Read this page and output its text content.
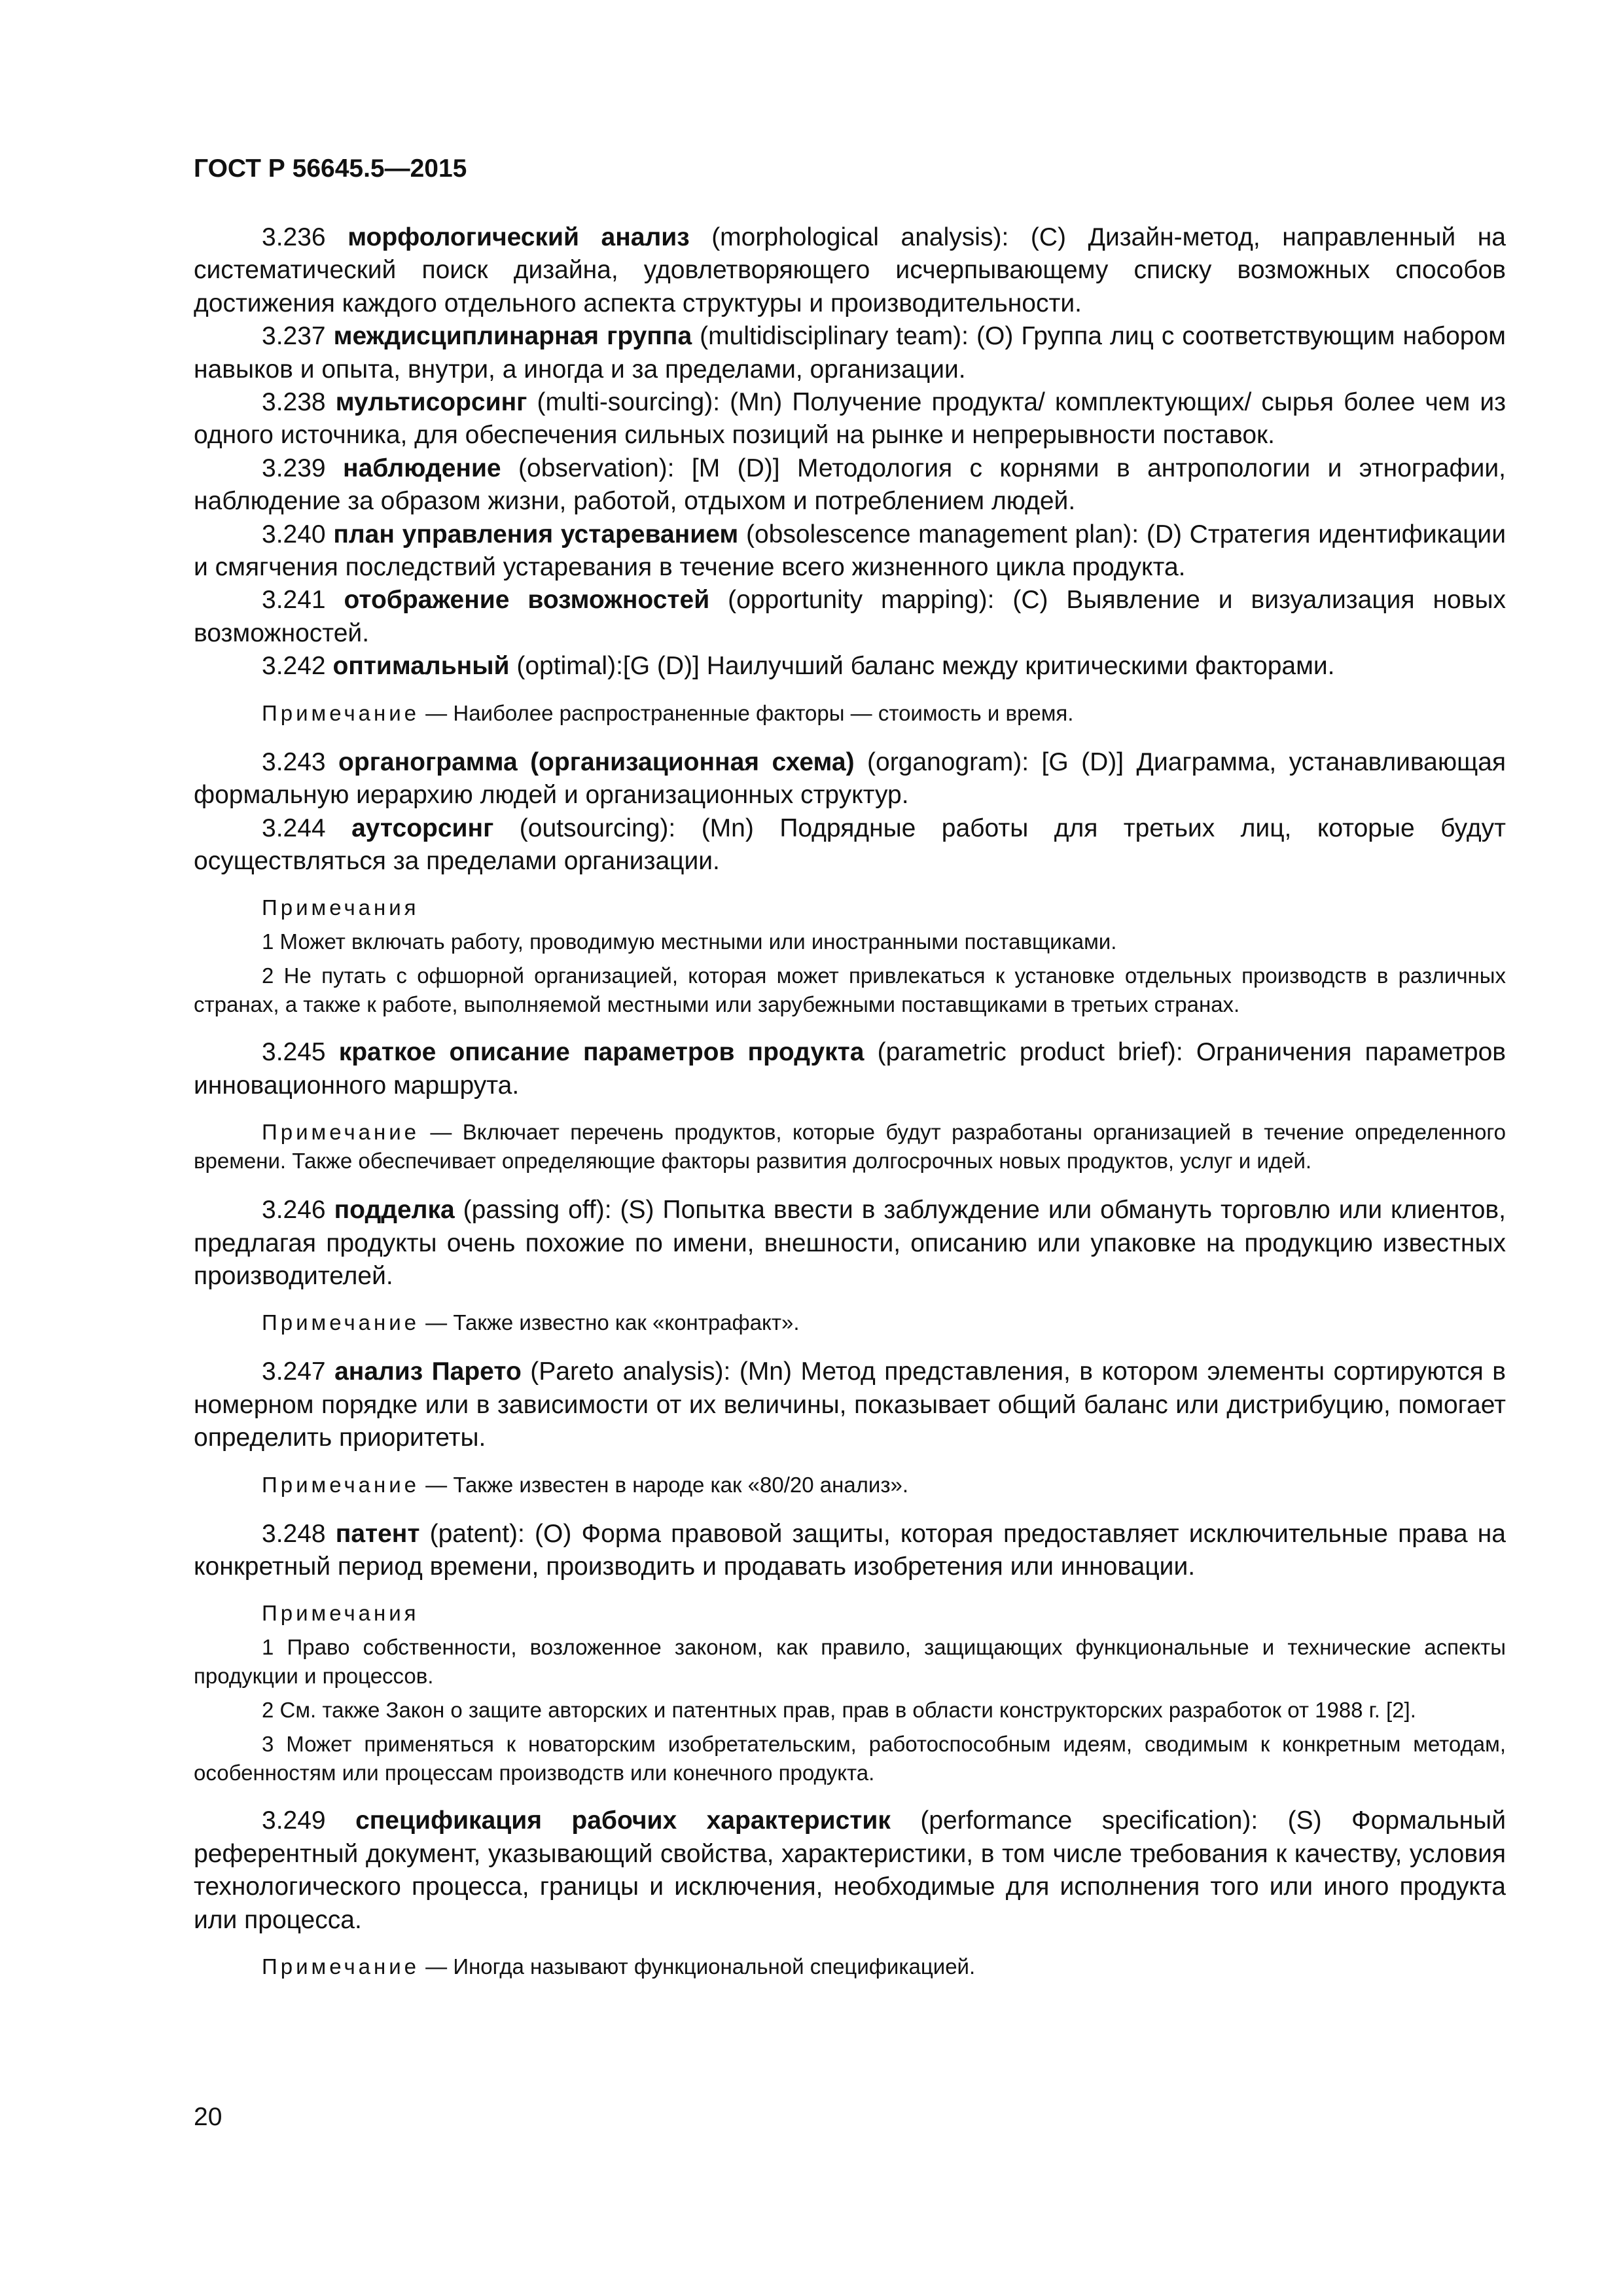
ГОСТ Р 56645.5—2015

3.236 морфологический анализ (morphological analysis): (С) Дизайн-метод, направленный на систематический поиск дизайна, удовлетворяющего исчерпывающему списку возможных способов достижения каждого отдельного аспекта структуры и производительности.

3.237 междисциплинарная группа (multidisciplinary team): (О) Группа лиц с соответствующим набором навыков и опыта, внутри, а иногда и за пределами, организации.

3.238 мультисорсинг (multi-sourcing): (Mn) Получение продукта/ комплектующих/ сырья более чем из одного источника, для обеспечения сильных позиций на рынке и непрерывности поставок.

3.239 наблюдение (observation): [М (D)] Методология с корнями в антропологии и этнографии, наблюдение за образом жизни, работой, отдыхом и потреблением людей.

3.240 план управления устареванием (obsolescence management plan): (D) Стратегия идентификации и смягчения последствий устаревания в течение всего жизненного цикла продукта.

3.241 отображение возможностей (opportunity mapping): (С) Выявление и визуализация новых возможностей.

3.242 оптимальный (optimal):[G (D)] Наилучший баланс между критическими факторами.

Примечание — Наиболее распространенные факторы — стоимость и время.

3.243 органограмма (организационная схема) (organogram): [G (D)] Диаграмма, устанавливающая формальную иерархию людей и организационных структур.

3.244 аутсорсинг (outsourcing): (Mn) Подрядные работы для третьих лиц, которые будут осуществляться за пределами организации.

Примечания

1 Может включать работу, проводимую местными или иностранными поставщиками.

2 Не путать с офшорной организацией, которая может привлекаться к установке отдельных производств в различных странах, а также к работе, выполняемой местными или зарубежными поставщиками в третьих странах.

3.245 краткое описание параметров продукта (parametric product brief): Ограничения параметров инновационного маршрута.

Примечание — Включает перечень продуктов, которые будут разработаны организацией в течение определенного времени. Также обеспечивает определяющие факторы развития долгосрочных новых продуктов, услуг и идей.

3.246 подделка (passing off): (S) Попытка ввести в заблуждение или обмануть торговлю или клиентов, предлагая продукты очень похожие по имени, внешности, описанию или упаковке на продукцию известных производителей.

Примечание — Также известно как «контрафакт».

3.247 анализ Парето (Pareto analysis): (Mn) Метод представления, в котором элементы сортируются в номерном порядке или в зависимости от их величины, показывает общий баланс или дистрибуцию, помогает определить приоритеты.

Примечание — Также известен в народе как «80/20 анализ».

3.248 патент (patent): (О) Форма правовой защиты, которая предоставляет исключительные права на конкретный период времени, производить и продавать изобретения или инновации.

Примечания

1 Право собственности, возложенное законом, как правило, защищающих функциональные и технические аспекты продукции и процессов.

2 См. также Закон о защите авторских и патентных прав, прав в области конструкторских разработок от 1988 г. [2].

3 Может применяться к новаторским изобретательским, работоспособным идеям, сводимым к конкретным методам, особенностям или процессам производств или конечного продукта.

3.249 спецификация рабочих характеристик (performance specification): (S) Формальный референтный документ, указывающий свойства, характеристики, в том числе требования к качеству, условия технологического процесса, границы и исключения, необходимые для исполнения того или иного продукта или процесса.

Примечание — Иногда называют функциональной спецификацией.

20
